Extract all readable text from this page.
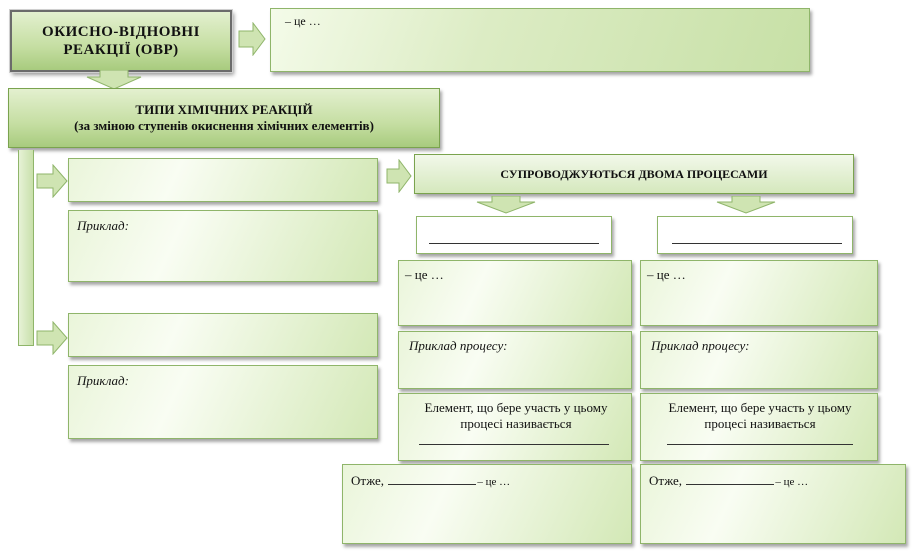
ОКИСНО-ВІДНОВНІ РЕАКЦІЇ (ОВР)
– це …
ТИПИ ХІМІЧНИХ РЕАКЦІЙ
(за зміною ступенів окиснення хімічних елементів)
Приклад:
Приклад:
СУПРОВОДЖУЮТЬСЯ ДВОМА ПРОЦЕСАМИ
– це …
Приклад процесу:
Елемент, що бере участь у цьому процесі називається
Отже,	– це …
– це …
Приклад процесу:
Елемент, що бере участь у цьому процесі називається
Отже,	– це …
